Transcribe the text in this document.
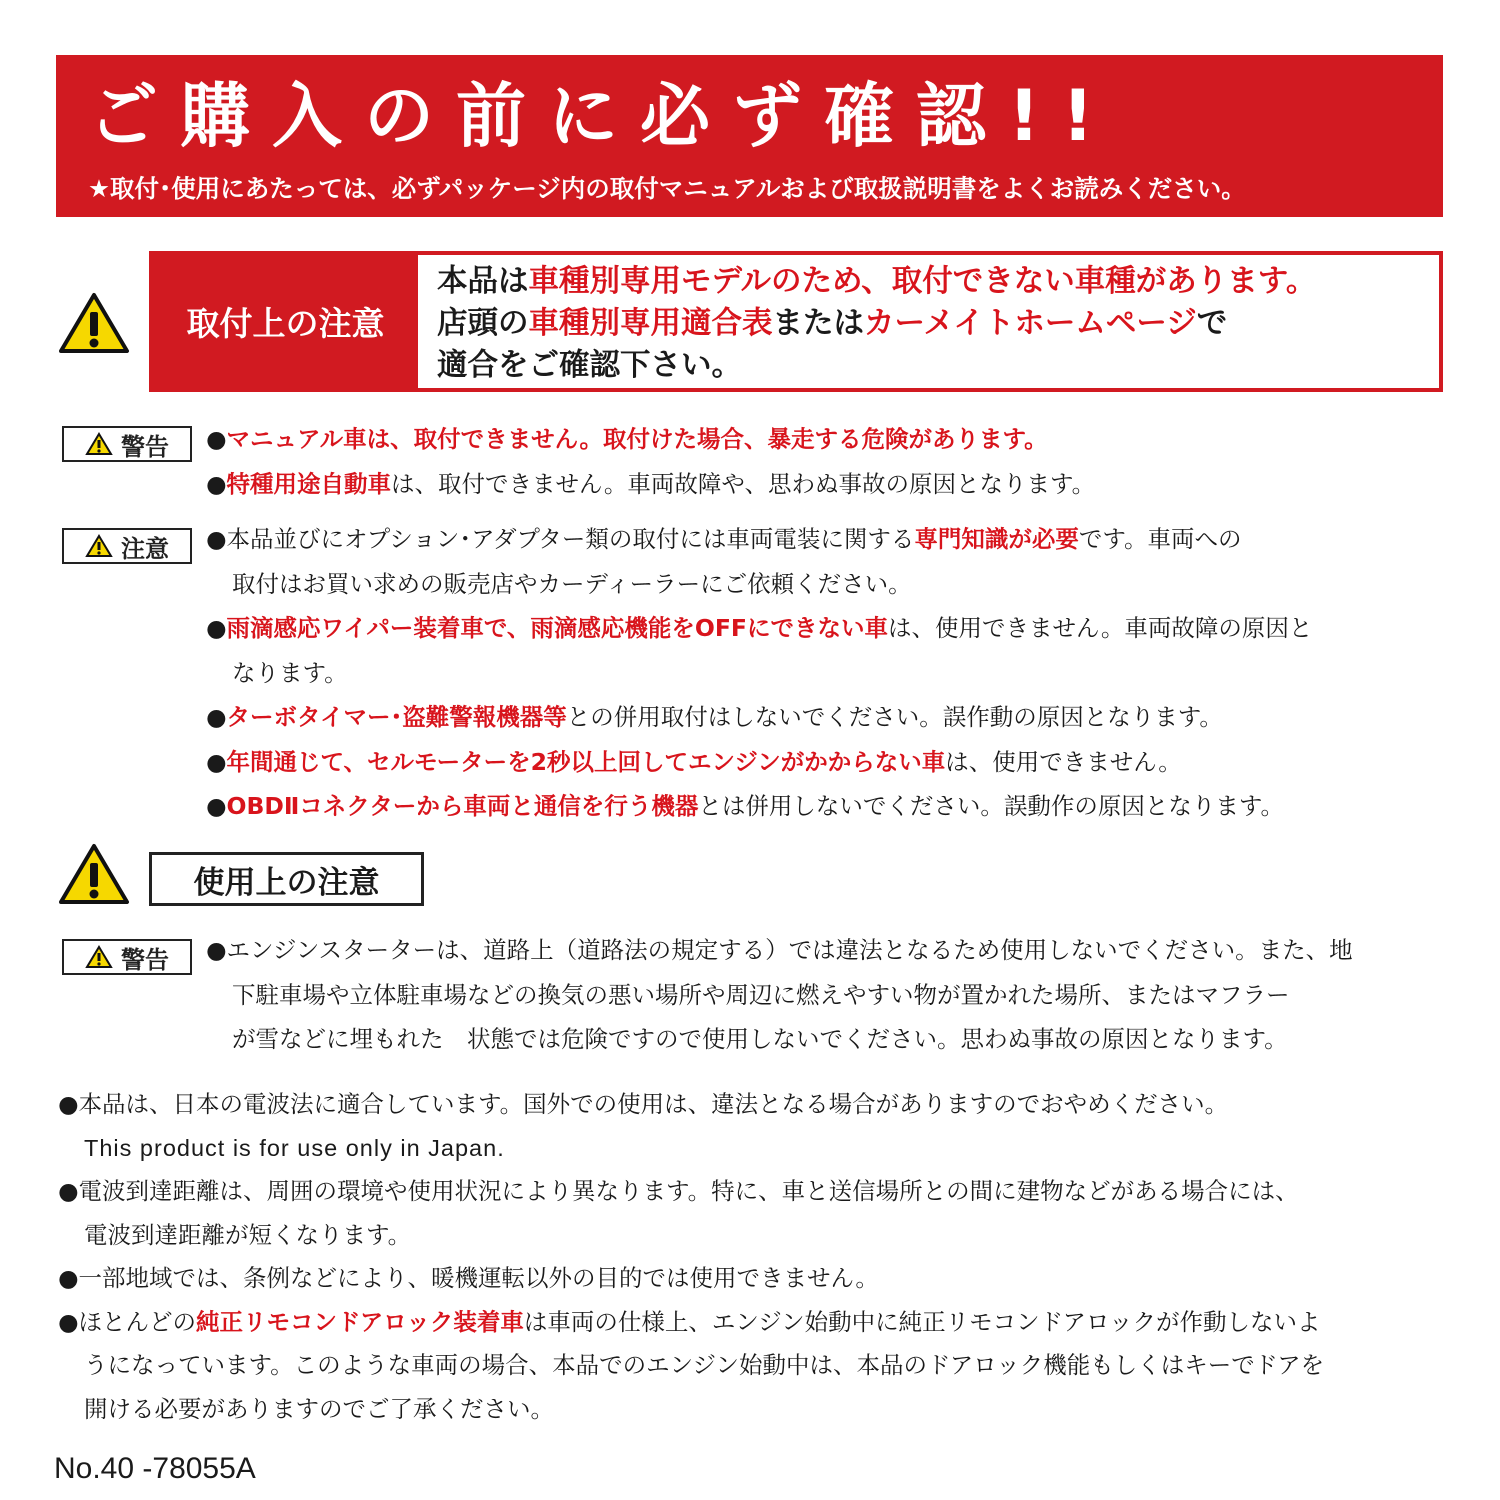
ご購入の前に必ず確認!!
★取付･使用にあたっては、必ずパッケージ内の取付マニュアルおよび取扱説明書をよくお読みください。
取付上の注意
本品は車種別専用モデルのため、取付できない車種があります。
店頭の車種別専用適合表またはカーメイトホームページで
適合をご確認下さい。
警告 ●マニュアル車は、取付できません。取付けた場合、暴走する危険があります。
●特種用途自動車は、取付できません。車両故障や、思わぬ事故の原因となります。
注意 ●本品並びにオプション･アダプター類の取付には車両電装に関する専門知識が必要です。車両への
取付はお買い求めの販売店やカーディーラーにご依頼ください。
●雨滴感応ワイパー装着車で、雨滴感応機能をOFFにできない車は、使用できません。車両故障の原因と
なります。
●ターボタイマー･盗難警報機器等との併用取付はしないでください。誤作動の原因となります。
●年間通じて、セルモーターを2秒以上回してエンジンがかからない車は、使用できません。
●OBDⅡコネクターから車両と通信を行う機器とは併用しないでください。誤動作の原因となります。
使用上の注意
警告 ●エンジンスターターは、道路上（道路法の規定する）では違法となるため使用しないでください。また、地
下駐車場や立体駐車場などの換気の悪い場所や周辺に燃えやすい物が置かれた場所、またはマフラー
が雪などに埋もれた　状態では危険ですので使用しないでください。思わぬ事故の原因となります。
●本品は、日本の電波法に適合しています。国外での使用は、違法となる場合がありますのでおやめください。
This product is for use only in Japan.
●電波到達距離は、周囲の環境や使用状況により異なります。特に、車と送信場所との間に建物などがある場合には、
電波到達距離が短くなります。
●一部地域では、条例などにより、暖機運転以外の目的では使用できません。
●ほとんどの純正リモコンドアロック装着車は車両の仕様上、エンジン始動中に純正リモコンドアロックが作動しないよ
うになっています。このような車両の場合、本品でのエンジン始動中は、本品のドアロック機能もしくはキーでドアを
開ける必要がありますのでご了承ください。
No.40 -78055A
